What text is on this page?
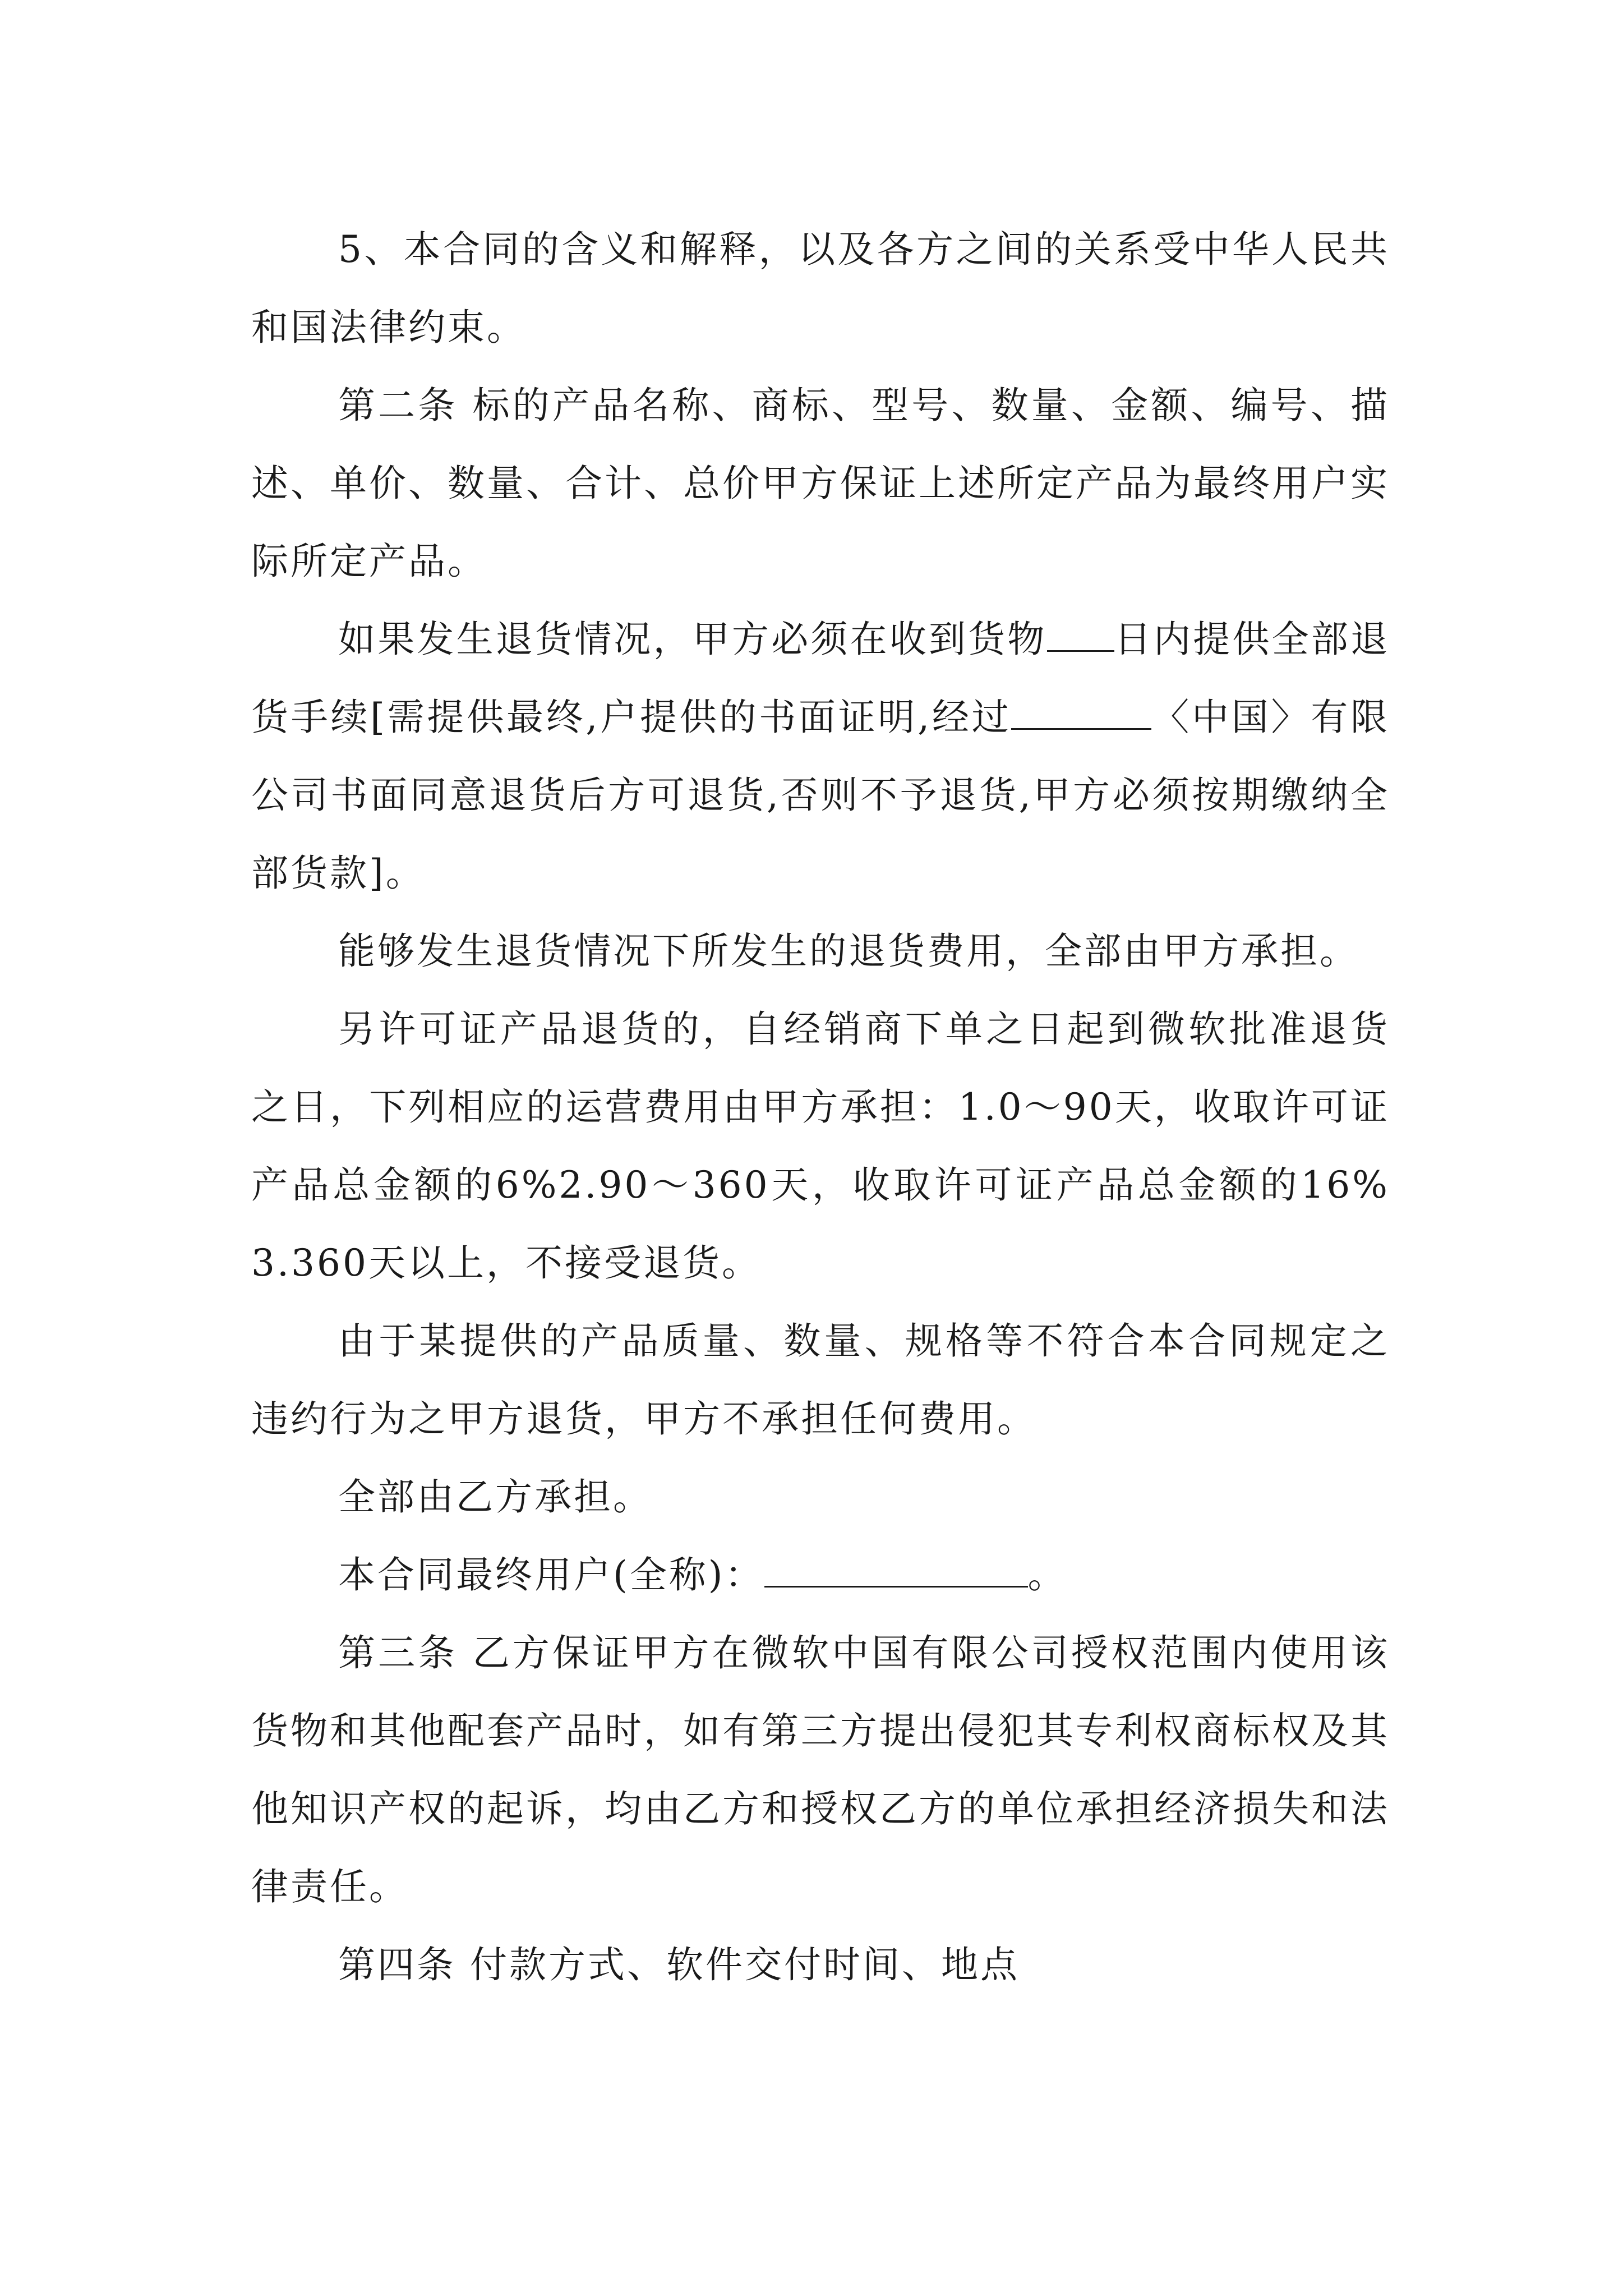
5、本合同的含义和解释，以及各方之间的关系受中华人民共和国法律约束。

第二条 标的产品名称、商标、型号、数量、金额、编号、描述、单价、数量、合计、总价甲方保证上述所定产品为最终用户实际所定产品。

如果发生退货情况，甲方必须在收到货物 日内提供全部退货手续[需提供最终,户提供的书面证明,经过	〈中国〉有限公司书面同意退货后方可退货,否则不予退货,甲方必须按期缴纳全部货款]。

能够发生退货情况下所发生的退货费用，全部由甲方承担。

另许可证产品退货的，自经销商下单之日起到微软批准退货之日，下列相应的运营费用由甲方承担：1.0～90天，收取许可证产品总金额的6%2.90～360天，收取许可证产品总金额的16%3.360天以上，不接受退货。

由于某提供的产品质量、数量、规格等不符合本合同规定之违约行为之甲方退货，甲方不承担任何费用。

全部由乙方承担。

本合同最终用户(全称)：	。

第三条 乙方保证甲方在微软中国有限公司授权范围内使用该货物和其他配套产品时，如有第三方提出侵犯其专利权商标权及其他知识产权的起诉，均由乙方和授权乙方的单位承担经济损失和法律责任。

第四条 付款方式、软件交付时间、地点
